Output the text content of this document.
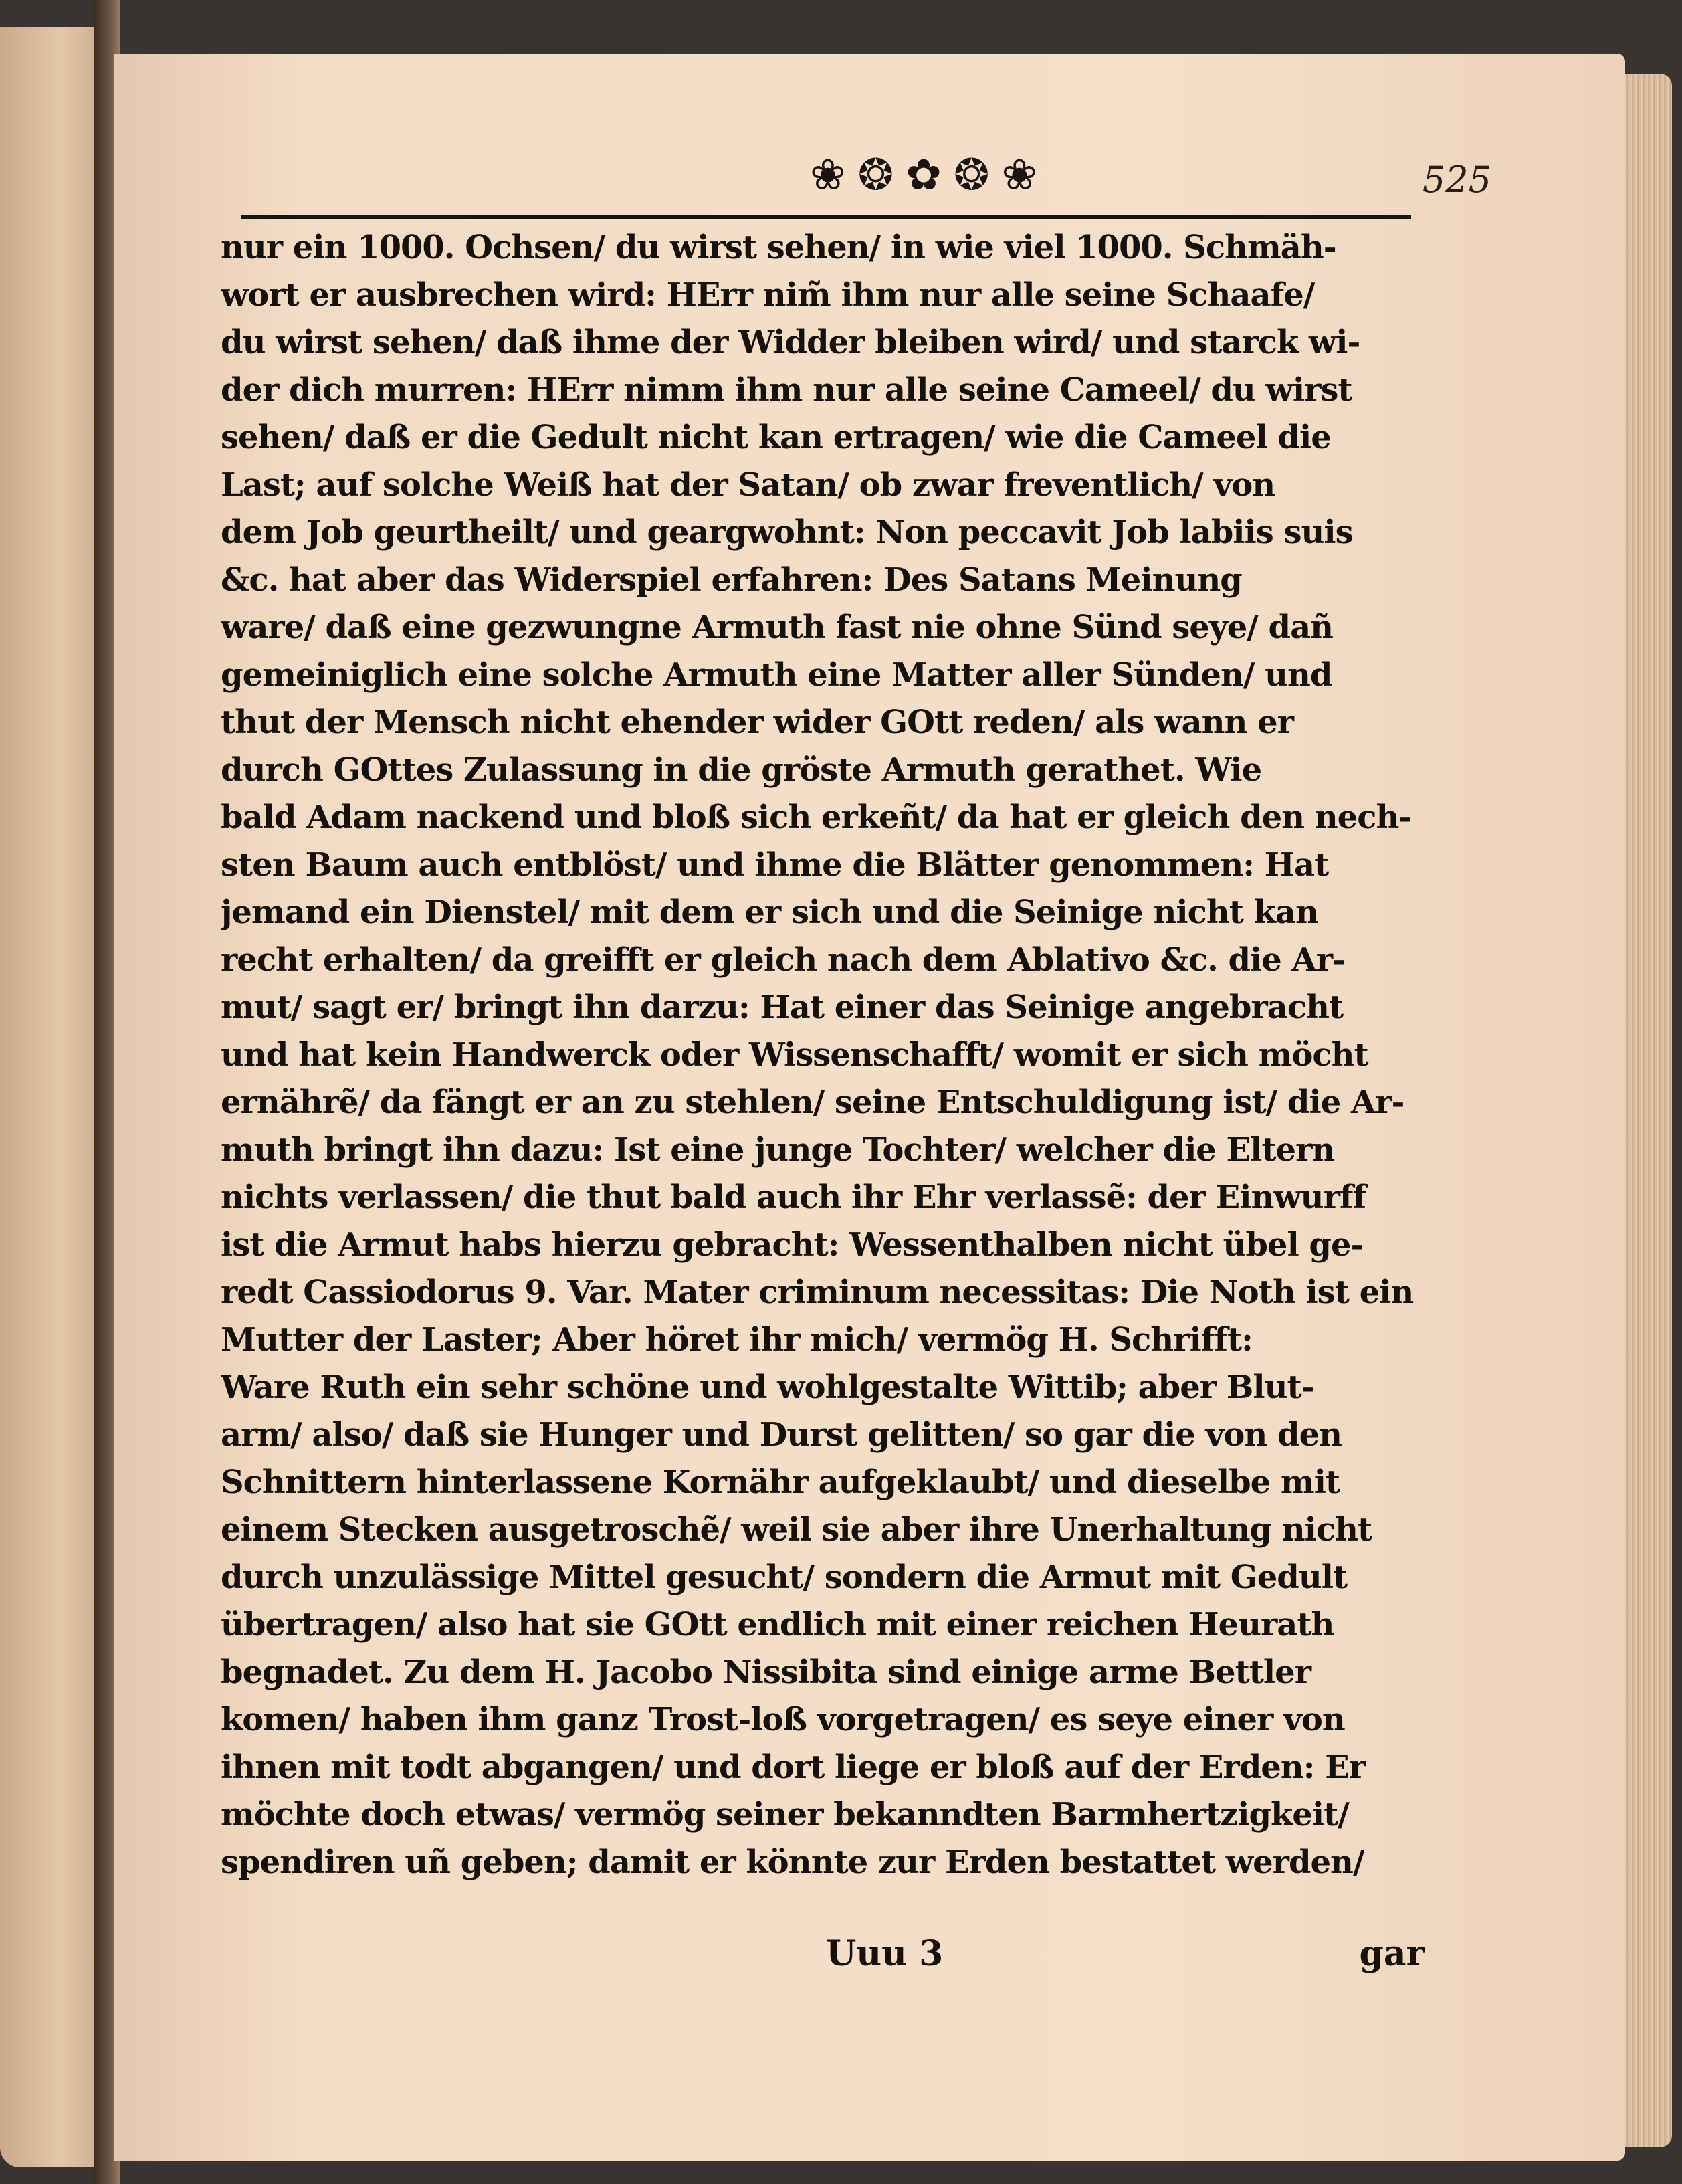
❀❂✿❂❀	525
nur ein 1000. Ochsen/ du wirst sehen/ in wie viel 1000. Schmäh-
wort er ausbrechen wird: HErr nim̃ ihm nur alle seine Schaafe/
du wirst sehen/ daß ihme der Widder bleiben wird/ und starck wi-
der dich murren: HErr nimm ihm nur alle seine Cameel/ du wirst
sehen/ daß er die Gedult nicht kan ertragen/ wie die Cameel die
Last; auf solche Weiß hat der Satan/ ob zwar freventlich/ von
dem Job geurtheilt/ und geargwohnt: Non peccavit Job labiis suis
&c. hat aber das Widerspiel erfahren: Des Satans Meinung
ware/ daß eine gezwungne Armuth fast nie ohne Sünd seye/ dañ
gemeiniglich eine solche Armuth eine Matter aller Sünden/ und
thut der Mensch nicht ehender wider GOtt reden/ als wann er
durch GOttes Zulassung in die gröste Armuth gerathet. Wie
bald Adam nackend und bloß sich erkeñt/ da hat er gleich den nech-
sten Baum auch entblöst/ und ihme die Blätter genommen: Hat
jemand ein Dienstel/ mit dem er sich und die Seinige nicht kan
recht erhalten/ da greifft er gleich nach dem Ablativo &c. die Ar-
mut/ sagt er/ bringt ihn darzu: Hat einer das Seinige angebracht
und hat kein Handwerck oder Wissenschafft/ womit er sich möcht
ernährẽ/ da fängt er an zu stehlen/ seine Entschuldigung ist/ die Ar-
muth bringt ihn dazu: Ist eine junge Tochter/ welcher die Eltern
nichts verlassen/ die thut bald auch ihr Ehr verlassẽ: der Einwurff
ist die Armut habs hierzu gebracht: Wessenthalben nicht übel ge-
redt Cassiodorus 9. Var. Mater criminum necessitas: Die Noth ist ein
Mutter der Laster; Aber höret ihr mich/ vermög H. Schrifft:
Ware Ruth ein sehr schöne und wohlgestalte Wittib; aber Blut-
arm/ also/ daß sie Hunger und Durst gelitten/ so gar die von den
Schnittern hinterlassene Kornähr aufgeklaubt/ und dieselbe mit
einem Stecken ausgetroschẽ/ weil sie aber ihre Unerhaltung nicht
durch unzulässige Mittel gesucht/ sondern die Armut mit Gedult
übertragen/ also hat sie GOtt endlich mit einer reichen Heurath
begnadet. Zu dem H. Jacobo Nissibita sind einige arme Bettler
komen/ haben ihm ganz Trost-loß vorgetragen/ es seye einer von
ihnen mit todt abgangen/ und dort liege er bloß auf der Erden: Er
möchte doch etwas/ vermög seiner bekanndten Barmhertzigkeit/
spendiren uñ geben; damit er könnte zur Erden bestattet werden/
Uuu 3	gar
